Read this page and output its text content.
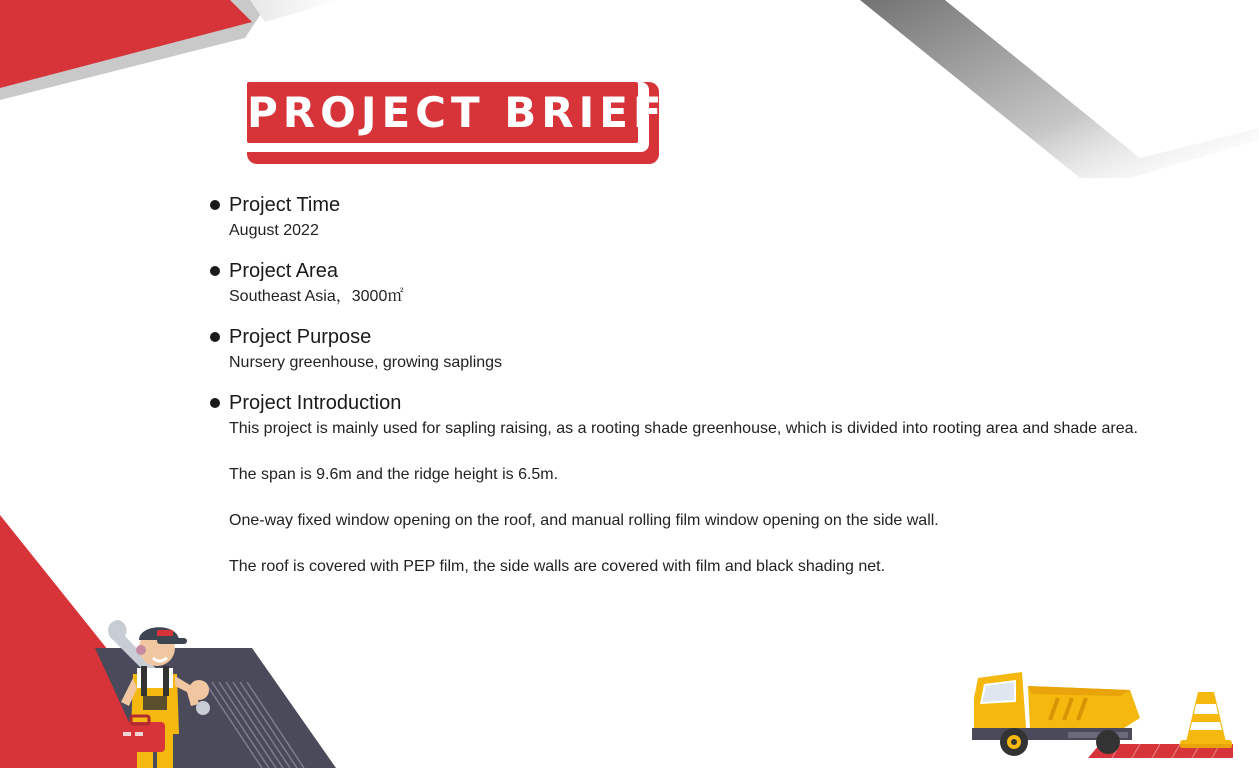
PROJECT BRIEFING
Project Time
August 2022
Project Area
Southeast Asia，3000㎡
Project Purpose
Nursery greenhouse, growing saplings
Project Introduction
This project is mainly used for sapling raising, as a rooting shade greenhouse, which is divided into rooting area and shade area.
The span is 9.6m and the ridge height is 6.5m.
One-way fixed window opening on the roof, and manual rolling film window opening on the side wall.
The roof is covered with PEP film, the side walls are covered with film and black shading net.
